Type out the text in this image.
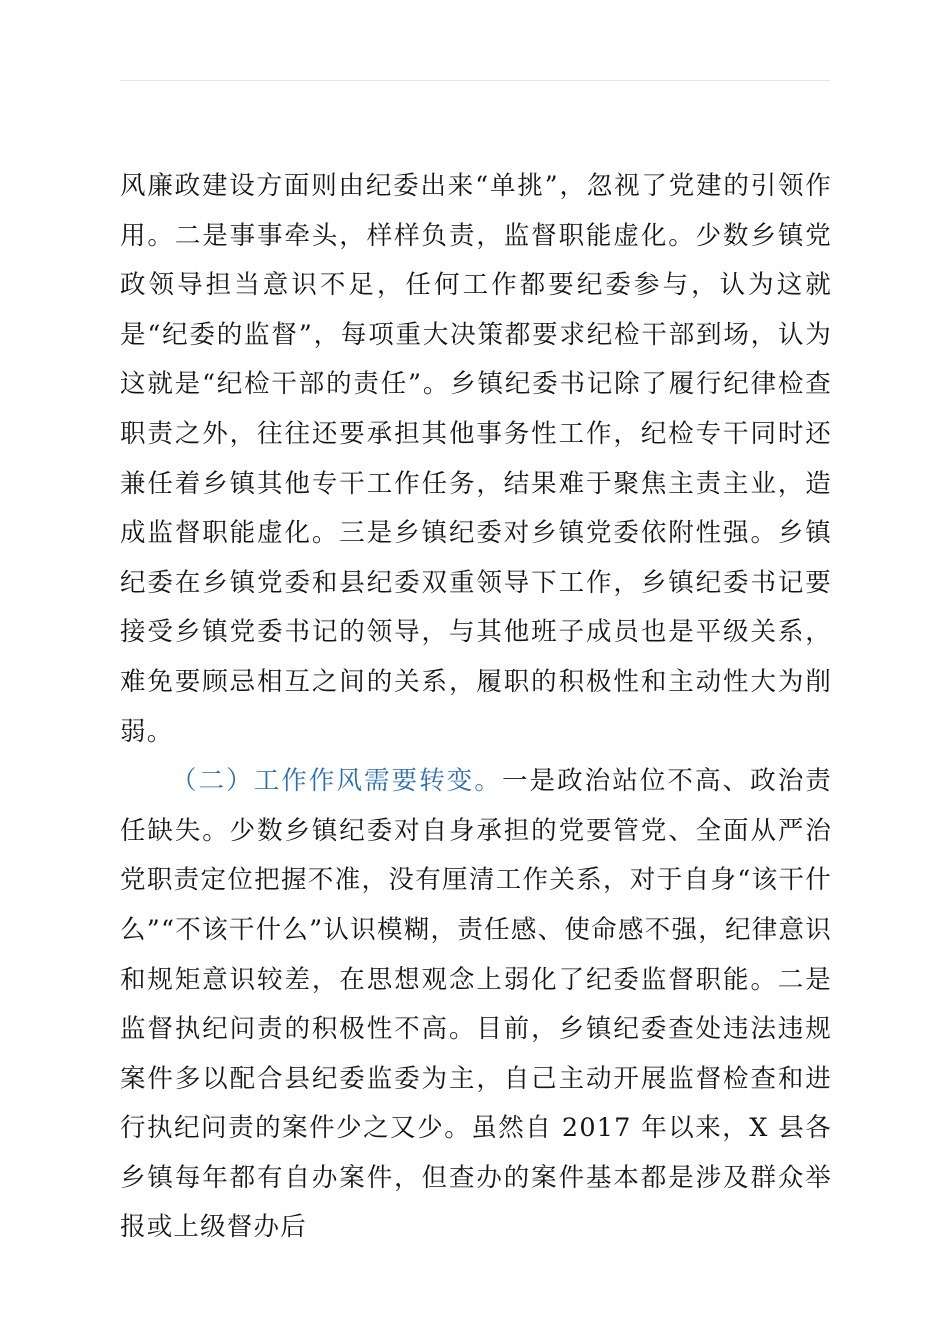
风廉政建设方面则由纪委出来“单挑”，忽视了党建的引领作用。二是事事牵头，样样负责，监督职能虚化。少数乡镇党政领导担当意识不足，任何工作都要纪委参与，认为这就是“纪委的监督”，每项重大决策都要求纪检干部到场，认为这就是“纪检干部的责任”。乡镇纪委书记除了履行纪律检查职责之外，往往还要承担其他事务性工作，纪检专干同时还兼任着乡镇其他专干工作任务，结果难于聚焦主责主业，造成监督职能虚化。三是乡镇纪委对乡镇党委依附性强。乡镇纪委在乡镇党委和县纪委双重领导下工作，乡镇纪委书记要接受乡镇党委书记的领导，与其他班子成员也是平级关系，难免要顾忌相互之间的关系，履职的积极性和主动性大为削弱。

（二）工作作风需要转变。一是政治站位不高、政治责任缺失。少数乡镇纪委对自身承担的党要管党、全面从严治党职责定位把握不准，没有厘清工作关系，对于自身“该干什么”“不该干什么”认识模糊，责任感、使命感不强，纪律意识和规矩意识较差，在思想观念上弱化了纪委监督职能。二是监督执纪问责的积极性不高。目前，乡镇纪委查处违法违规案件多以配合县纪委监委为主，自己主动开展监督检查和进行执纪问责的案件少之又少。虽然自 2017 年以来，X 县各乡镇每年都有自办案件，但查办的案件基本都是涉及群众举报或上级督办后
